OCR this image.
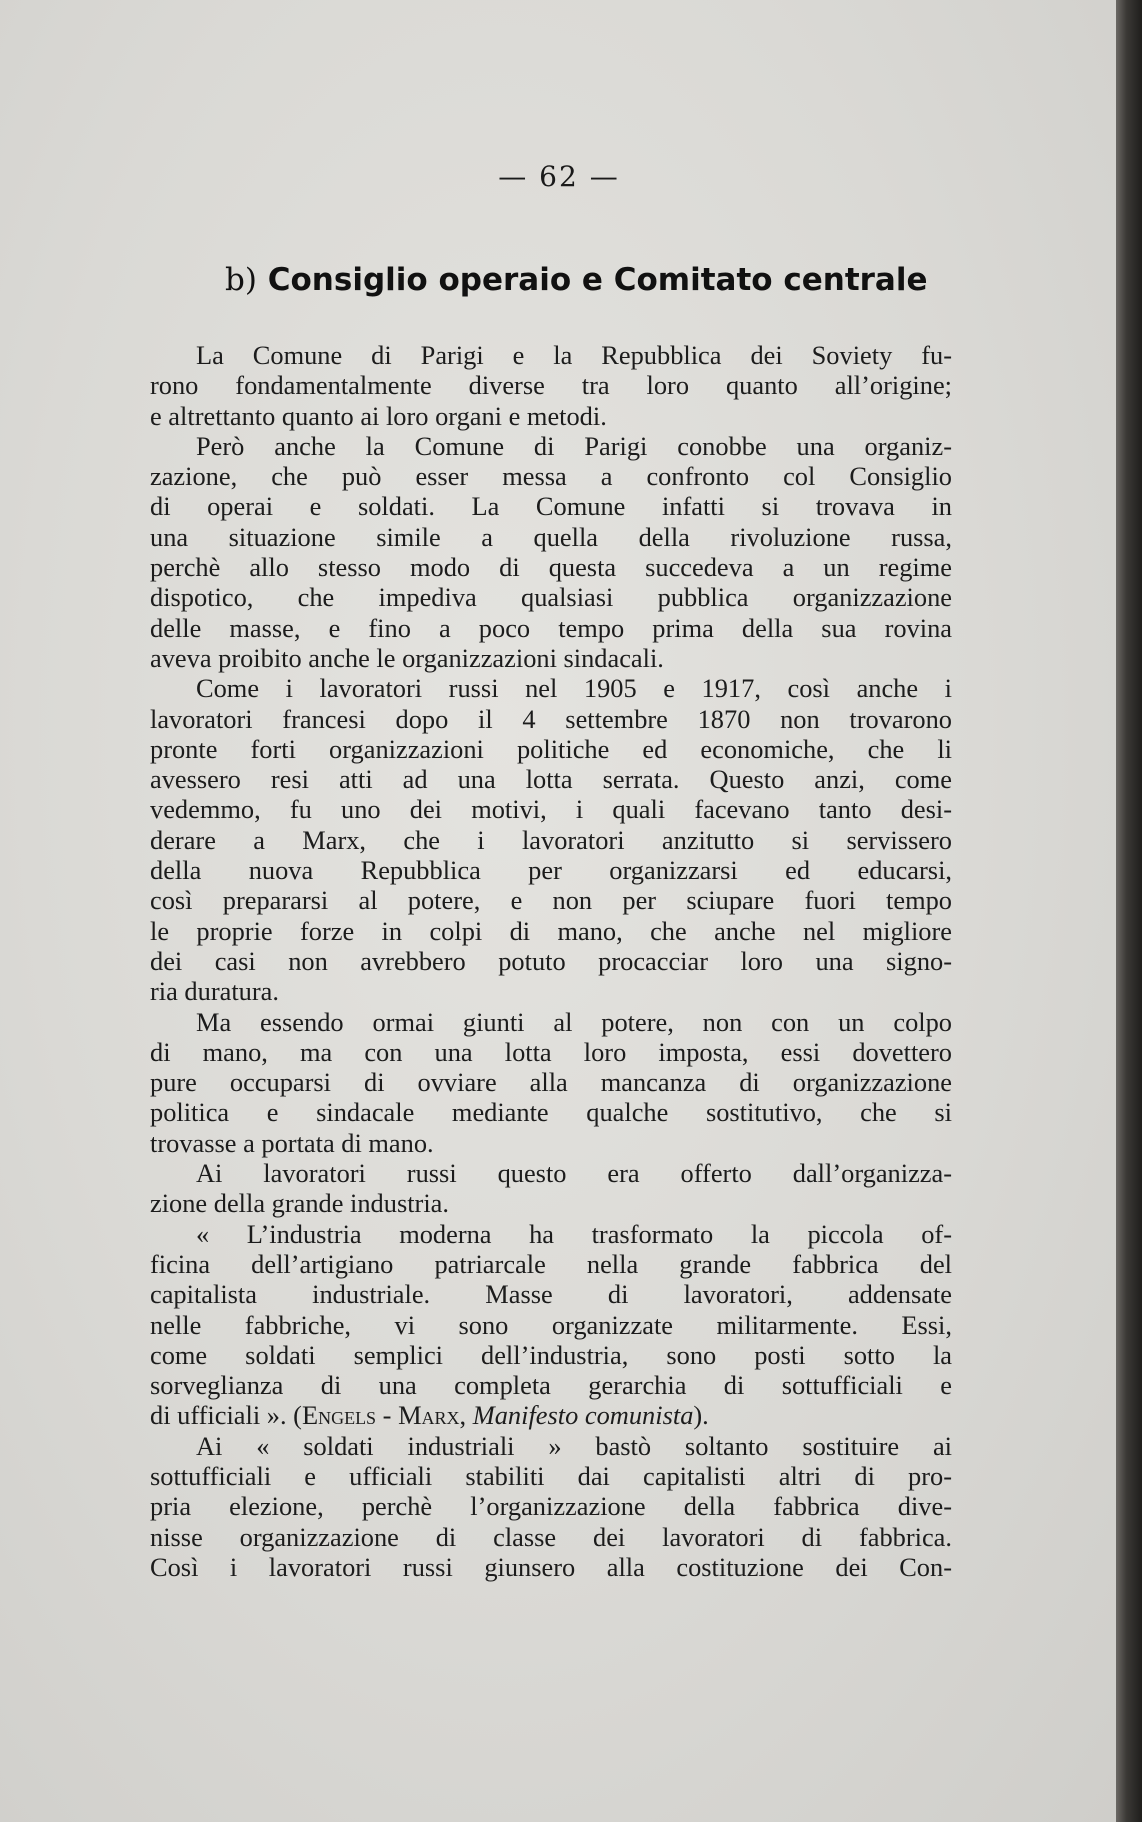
— 62 —
b) Consiglio operaio e Comitato centrale
La Comune di Parigi e la Repubblica dei Soviety fu-
rono fondamentalmente diverse tra loro quanto all’origine;
e altrettanto quanto ai loro organi e metodi.
Però anche la Comune di Parigi conobbe una organiz-
zazione, che può esser messa a confronto col Consiglio
di operai e soldati. La Comune infatti si trovava in
una situazione simile a quella della rivoluzione russa,
perchè allo stesso modo di questa succedeva a un regime
dispotico, che impediva qualsiasi pubblica organizzazione
delle masse, e fino a poco tempo prima della sua rovina
aveva proibito anche le organizzazioni sindacali.
Come i lavoratori russi nel 1905 e 1917, così anche i
lavoratori francesi dopo il 4 settembre 1870 non trovarono
pronte forti organizzazioni politiche ed economiche, che li
avessero resi atti ad una lotta serrata. Questo anzi, come
vedemmo, fu uno dei motivi, i quali facevano tanto desi-
derare a Marx, che i lavoratori anzitutto si servissero
della nuova Repubblica per organizzarsi ed educarsi,
così prepararsi al potere, e non per sciupare fuori tempo
le proprie forze in colpi di mano, che anche nel migliore
dei casi non avrebbero potuto procacciar loro una signo-
ria duratura.
Ma essendo ormai giunti al potere, non con un colpo
di mano, ma con una lotta loro imposta, essi dovettero
pure occuparsi di ovviare alla mancanza di organizzazione
politica e sindacale mediante qualche sostitutivo, che si
trovasse a portata di mano.
Ai lavoratori russi questo era offerto dall’organizza-
zione della grande industria.
« L’industria moderna ha trasformato la piccola of-
ficina dell’artigiano patriarcale nella grande fabbrica del
capitalista industriale. Masse di lavoratori, addensate
nelle fabbriche, vi sono organizzate militarmente. Essi,
come soldati semplici dell’industria, sono posti sotto la
sorveglianza di una completa gerarchia di sottufficiali e
di ufficiali ». (Engels - Marx, Manifesto comunista).
Ai « soldati industriali » bastò soltanto sostituire ai
sottufficiali e ufficiali stabiliti dai capitalisti altri di pro-
pria elezione, perchè l’organizzazione della fabbrica dive-
nisse organizzazione di classe dei lavoratori di fabbrica.
Così i lavoratori russi giunsero alla costituzione dei Con-
